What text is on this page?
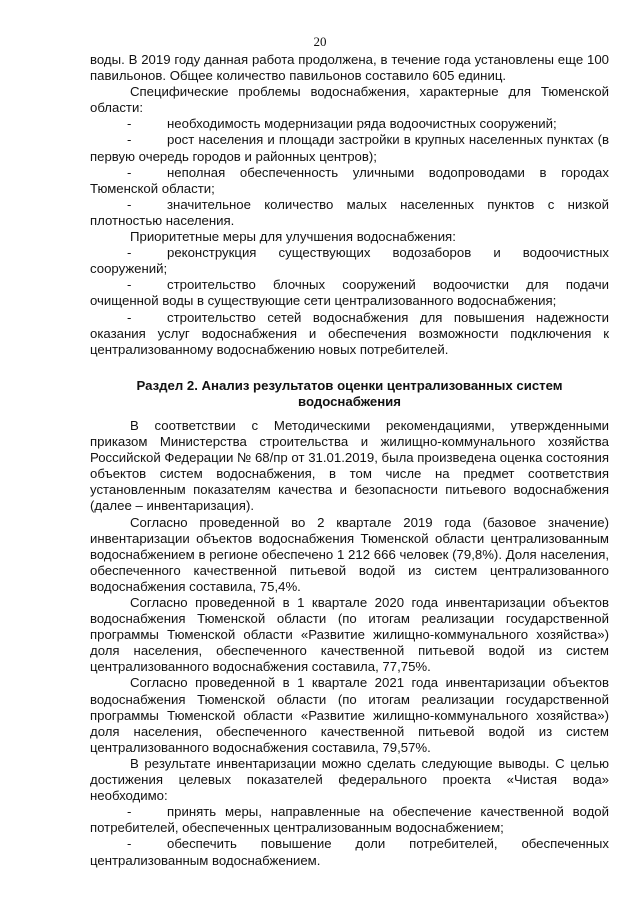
20

воды. В 2019 году данная работа продолжена, в течение года установлены еще 100 павильонов. Общее количество павильонов составило 605 единиц.

Специфические проблемы водоснабжения, характерные для Тюменской области:

-	необходимость модернизации ряда водоочистных сооружений;

-	рост населения и площади застройки в крупных населенных пунктах (в первую очередь городов и районных центров);

-	неполная обеспеченность уличными водопроводами в городах Тюменской области;

-	значительное количество малых населенных пунктов с низкой плотностью населения.

Приоритетные меры для улучшения водоснабжения:

-	реконструкция существующих водозаборов и водоочистных сооружений;

-	строительство блочных сооружений водоочистки для подачи очищенной воды в существующие сети централизованного водоснабжения;

-	строительство сетей водоснабжения для повышения надежности оказания услуг водоснабжения и обеспечения возможности подключения к централизованному водоснабжению новых потребителей.

Раздел 2. Анализ результатов оценки централизованных систем водоснабжения

В соответствии с Методическими рекомендациями, утвержденными приказом Министерства строительства и жилищно-коммунального хозяйства Российской Федерации № 68/пр от 31.01.2019, была произведена оценка состояния объектов систем водоснабжения, в том числе на предмет соответствия установленным показателям качества и безопасности питьевого водоснабжения (далее – инвентаризация).

Согласно проведенной во 2 квартале 2019 года (базовое значение) инвентаризации объектов водоснабжения Тюменской области централизованным водоснабжением в регионе обеспечено 1 212 666 человек (79,8%). Доля населения, обеспеченного качественной питьевой водой из систем централизованного водоснабжения составила, 75,4%.

Согласно проведенной в 1 квартале 2020 года инвентаризации объектов водоснабжения Тюменской области (по итогам реализации государственной программы Тюменской области «Развитие жилищно-коммунального хозяйства») доля населения, обеспеченного качественной питьевой водой из систем централизованного водоснабжения составила, 77,75%.

Согласно проведенной в 1 квартале 2021 года инвентаризации объектов водоснабжения Тюменской области (по итогам реализации государственной программы Тюменской области «Развитие жилищно-коммунального хозяйства») доля населения, обеспеченного качественной питьевой водой из систем централизованного водоснабжения составила, 79,57%.

В результате инвентаризации можно сделать следующие выводы. С целью достижения целевых показателей федерального проекта «Чистая вода» необходимо:

-	принять меры, направленные на обеспечение качественной водой потребителей, обеспеченных централизованным водоснабжением;

-	обеспечить повышение доли потребителей, обеспеченных централизованным водоснабжением.
